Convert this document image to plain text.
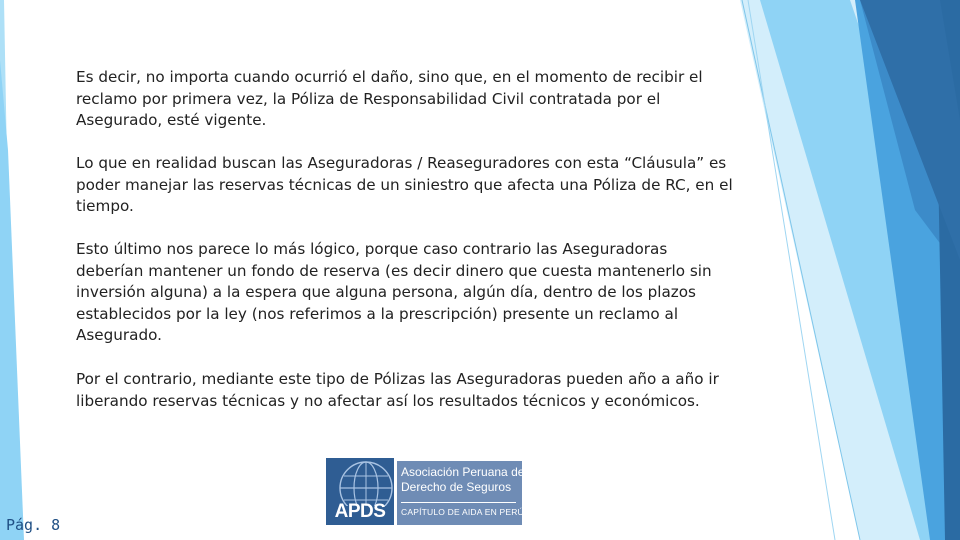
Es decir, no importa cuando ocurrió el daño, sino que, en el momento de recibir el reclamo por primera vez, la Póliza de Responsabilidad Civil contratada por el Asegurado, esté vigente.

Lo que en realidad buscan las Aseguradoras / Reaseguradores con esta “Cláusula” es poder manejar las reservas técnicas de un siniestro que afecta una Póliza de RC, en el tiempo.

Esto último nos parece lo más lógico, porque caso contrario las Aseguradoras deberían mantener un fondo de reserva (es decir dinero que cuesta mantenerlo sin inversión alguna) a la espera que alguna persona, algún día, dentro de los plazos establecidos por la ley (nos referimos a la prescripción) presente un reclamo al Asegurado.

Por el contrario, mediante este tipo de Pólizas las Aseguradoras pueden año a año ir liberando reservas técnicas y no afectar así los resultados técnicos y económicos.

APDS
Asociación Peruana de
Derecho de Seguros
CAPÍTULO DE AIDA EN PERÚ
Pág. 8
